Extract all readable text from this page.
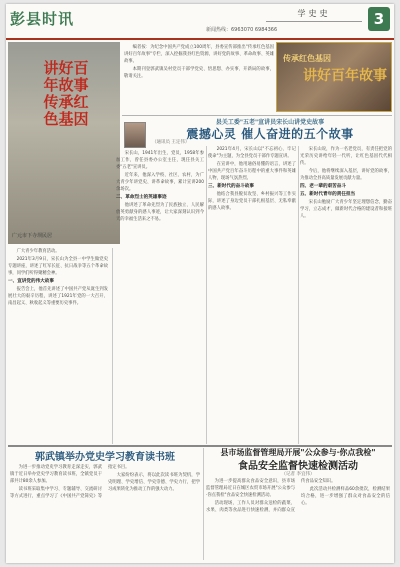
彭县时讯
新闻热线：6963070 6984366
学史史	3
讲好百年故事传承红色基因
广元市下寺坝民居
编者按：为纪念中国共产党成立100周年，县委宣传部推出"传承红色基因讲好百年故事"专栏，深入挖掘我县红色资源，讲好党的故事、革命故事、英雄故事。
本期刊登郭武镇吴村党员干部学党史、悟思想、办实事、开新局的故事，敬请关注。
传承红色基因
讲好百年故事
县关工委"五老"宣讲员宋长山讲党史故事
震撼心灵 催人奋进的五个故事
（通讯员 王定伟）
广大青少年教育活动。
2021年3月9日，宋长山为全县一中学生做党史专题讲座，讲述了红军长征、抗日战争等五个革命故事，同学们听得聚精会神。
一、宣讲党的伟大故事
报告会上，他首先讲述了中国共产党从诞生到发展壮大的艰辛历程，讲述了1921年党的一大召开、南昌起义、秋收起义等重要历史事件。
宋长山，1941年出生，党员，1958年参加工作，曾任县委办公室主任，现任县关工委"五老"宣讲员。
近年来，他深入学校、社区、农村，为广大青少年讲党史、讲革命故事，累计宣讲200余场次。
二、革命烈士的英雄事迹
他讲述了革命先烈为了民族独立、人民解放英勇献身的感人事迹，让大家深刻认识到今天的幸福生活来之不易。
2021年4月，宋长山以"不忘初心、牢记使命"为主题，为全县党员干部作专题宣讲。
在宣讲中，他用通俗易懂的语言，讲述了中国共产党百年奋斗历程中的重大事件和英雄人物，现场气氛热烈。
三、新时代的奋斗故事
他结合我县脱贫攻坚、乡村振兴等工作实际，讲述了身边党员干部扎根基层、无私奉献的感人故事。
宋长山说，作为一名老党员，有责任把党的光荣历史讲给年轻一代听，让红色基因代代相传。
今后，他将继续深入基层，讲好党的故事，为推动全县高质量发展贡献力量。
四、老一辈的艰苦奋斗
五、新时代青年的责任担当
宋长山勉励广大青少年坚定理想信念，勤奋学习，立志成才，做新时代合格的建设者和接班人。
郭武镇举办党史学习教育读书班
为进一步推动党史学习教育走深走实，郭武镇于近日举办党史学习教育读书班，全镇党员干部共计80余人参加。
读书班采取集中学习、专题辅导、交流研讨等方式进行，重点学习了《中国共产党简史》等指定书目。
大家纷纷表示，将以此次读书班为契机，学史明理、学史增信、学史崇德、学史力行，把学习成果转化为推动工作的强大动力。
县市场监督管理局开展"公众参与·你点我检"
食品安全监督快速检测活动
（记者 李宜伟）
为进一步提高群众食品安全意识，县市场监督管理局近日在城区农贸市场开展"公众参与·你点我检"食品安全快速检测活动。
活动现场，工作人员对群众送检的蔬菜、水果、肉类等食品进行快速检测，并向群众宣传食品安全知识。
此次活动共检测样品60余批次，检测结果均合格，进一步增强了群众对食品安全的信心。
